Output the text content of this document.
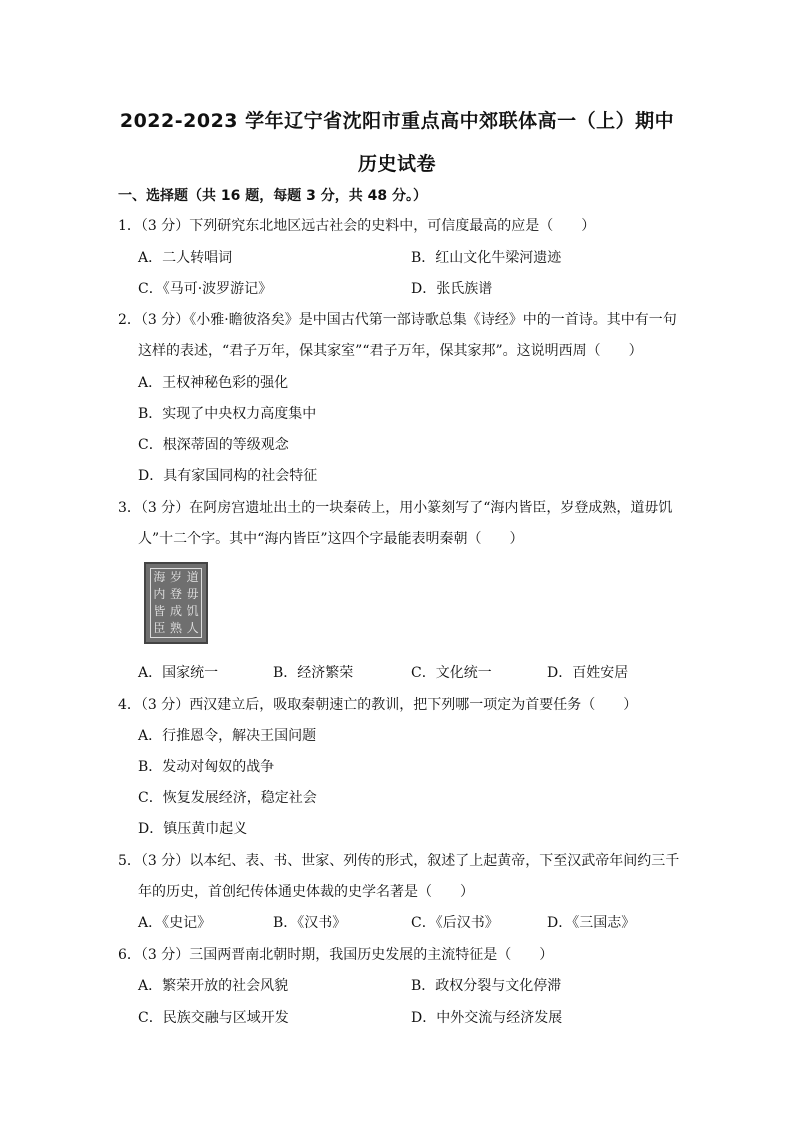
2022-2023 学年辽宁省沈阳市重点高中郊联体高一（上）期中
历史试卷
一、选择题（共 16 题，每题 3 分，共 48 分。）
1．（3 分）下列研究东北地区远古社会的史料中，可信度最高的应是（　　）
A．二人转唱词	B．红山文化牛梁河遗迹
C．《马可·波罗游记》	D．张氏族谱
2．（3 分）《小雅·瞻彼洛矣》是中国古代第一部诗歌总集《诗经》中的一首诗。其中有一句
这样的表述，“君子万年，保其家室”“君子万年，保其家邦”。这说明西周（　　）
A．王权神秘色彩的强化
B．实现了中央权力高度集中
C．根深蒂固的等级观念
D．具有家国同构的社会特征
3．（3 分）在阿房宫遗址出土的一块秦砖上，用小篆刻写了“海内皆臣，岁登成熟，道毋饥
人”十二个字。其中“海内皆臣”这四个字最能表明秦朝（　　）
海 岁 道
内 登 毋
皆 成 饥
臣 熟 人
A．国家统一	B．经济繁荣	C．文化统一	D．百姓安居
4．（3 分）西汉建立后，吸取秦朝速亡的教训，把下列哪一项定为首要任务（　　）
A．行推恩令，解决王国问题
B．发动对匈奴的战争
C．恢复发展经济，稳定社会
D．镇压黄巾起义
5．（3 分）以本纪、表、书、世家、列传的形式，叙述了上起黄帝，下至汉武帝年间约三千
年的历史，首创纪传体通史体裁的史学名著是（　　）
A．《史记》	B．《汉书》	C．《后汉书》	D．《三国志》
6．（3 分）三国两晋南北朝时期，我国历史发展的主流特征是（　　）
A．繁荣开放的社会风貌	B．政权分裂与文化停滞
C．民族交融与区域开发	D．中外交流与经济发展
